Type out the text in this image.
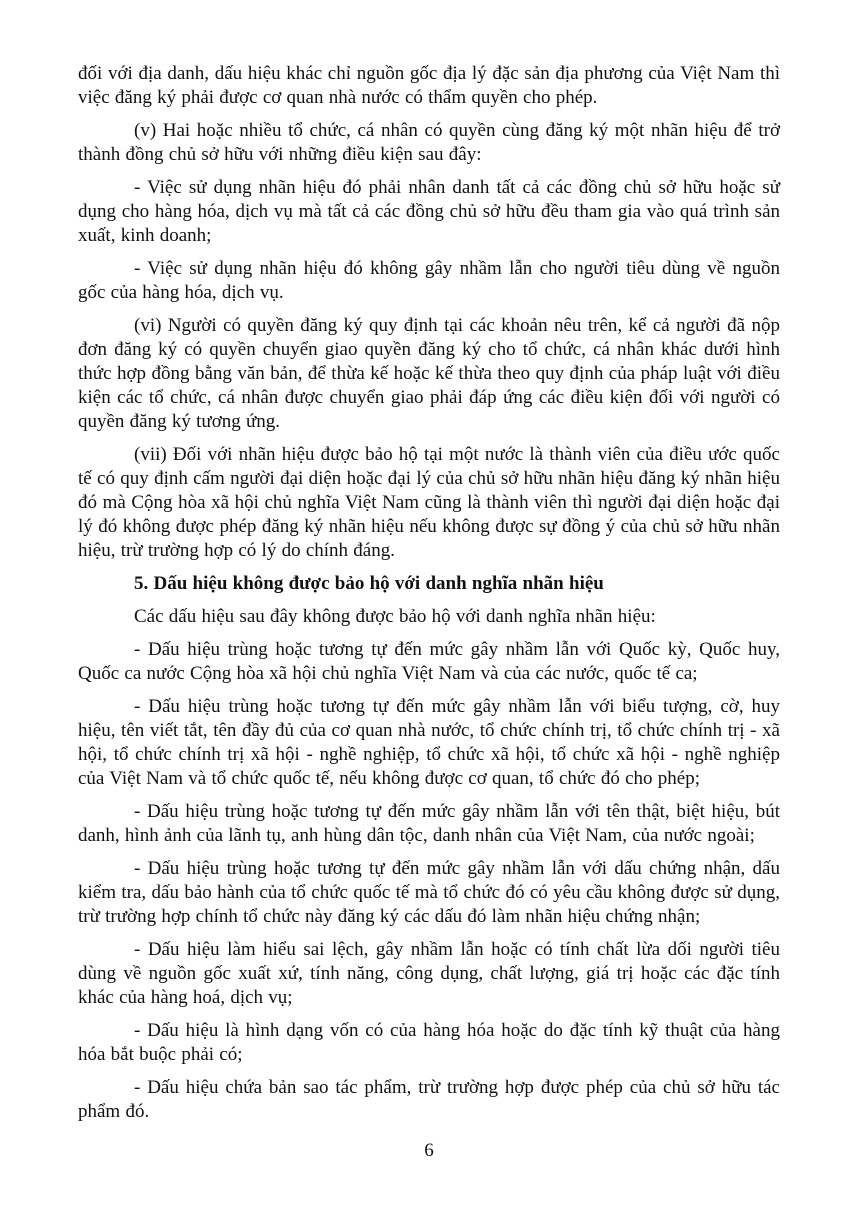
đối với địa danh, dấu hiệu khác chỉ nguồn gốc địa lý đặc sản địa phương của Việt Nam thì việc đăng ký phải được cơ quan nhà nước có thẩm quyền cho phép.

(v) Hai hoặc nhiều tổ chức, cá nhân có quyền cùng đăng ký một nhãn hiệu để trở thành đồng chủ sở hữu với những điều kiện sau đây:

- Việc sử dụng nhãn hiệu đó phải nhân danh tất cả các đồng chủ sở hữu hoặc sử dụng cho hàng hóa, dịch vụ mà tất cả các đồng chủ sở hữu đều tham gia vào quá trình sản xuất, kinh doanh;

- Việc sử dụng nhãn hiệu đó không gây nhầm lẫn cho người tiêu dùng về nguồn gốc của hàng hóa, dịch vụ.

(vi) Người có quyền đăng ký quy định tại các khoản nêu trên, kể cả người đã nộp đơn đăng ký có quyền chuyển giao quyền đăng ký cho tổ chức, cá nhân khác dưới hình thức hợp đồng bằng văn bản, để thừa kế hoặc kế thừa theo quy định của pháp luật với điều kiện các tổ chức, cá nhân được chuyển giao phải đáp ứng các điều kiện đối với người có quyền đăng ký tương ứng.

(vii) Đối với nhãn hiệu được bảo hộ tại một nước là thành viên của điều ước quốc tế có quy định cấm người đại diện hoặc đại lý của chủ sở hữu nhãn hiệu đăng ký nhãn hiệu đó mà Cộng hòa xã hội chủ nghĩa Việt Nam cũng là thành viên thì người đại diện hoặc đại lý đó không được phép đăng ký nhãn hiệu nếu không được sự đồng ý của chủ sở hữu nhãn hiệu, trừ trường hợp có lý do chính đáng.

5. Dấu hiệu không được bảo hộ với danh nghĩa nhãn hiệu

Các dấu hiệu sau đây không được bảo hộ với danh nghĩa nhãn hiệu:

- Dấu hiệu trùng hoặc tương tự đến mức gây nhầm lẫn với Quốc kỳ, Quốc huy, Quốc ca nước Cộng hòa xã hội chủ nghĩa Việt Nam và của các nước, quốc tế ca;

- Dấu hiệu trùng hoặc tương tự đến mức gây nhầm lẫn với biểu tượng, cờ, huy hiệu, tên viết tắt, tên đầy đủ của cơ quan nhà nước, tổ chức chính trị, tổ chức chính trị - xã hội, tổ chức chính trị xã hội - nghề nghiệp, tổ chức xã hội, tổ chức xã hội - nghề nghiệp của Việt Nam và tổ chức quốc tế, nếu không được cơ quan, tổ chức đó cho phép;

- Dấu hiệu trùng hoặc tương tự đến mức gây nhầm lẫn với tên thật, biệt hiệu, bút danh, hình ảnh của lãnh tụ, anh hùng dân tộc, danh nhân của Việt Nam, của nước ngoài;

- Dấu hiệu trùng hoặc tương tự đến mức gây nhầm lẫn với dấu chứng nhận, dấu kiểm tra, dấu bảo hành của tổ chức quốc tế mà tổ chức đó có yêu cầu không được sử dụng, trừ trường hợp chính tổ chức này đăng ký các dấu đó làm nhãn hiệu chứng nhận;

- Dấu hiệu làm hiểu sai lệch, gây nhầm lẫn hoặc có tính chất lừa dối người tiêu dùng về nguồn gốc xuất xứ, tính năng, công dụng, chất lượng, giá trị hoặc các đặc tính khác của hàng hoá, dịch vụ;

- Dấu hiệu là hình dạng vốn có của hàng hóa hoặc do đặc tính kỹ thuật của hàng hóa bắt buộc phải có;

- Dấu hiệu chứa bản sao tác phẩm, trừ trường hợp được phép của chủ sở hữu tác phẩm đó.

6
